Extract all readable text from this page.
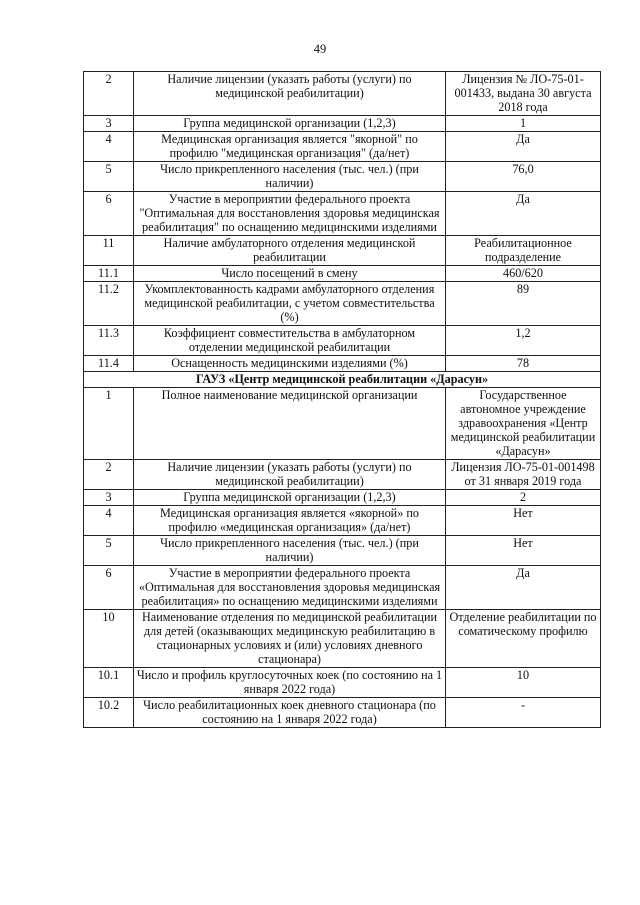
49
2	Наличие лицензии (указать работы (услуги) по медицинской реабилитации)	Лицензия № ЛО-75-01-001433, выдана 30 августа 2018 года
3	Группа медицинской организации (1,2,3)	1
4	Медицинская организация является "якорной" по профилю "медицинская организация" (да/нет)	Да
5	Число прикрепленного населения (тыс. чел.) (при наличии)	76,0
6	Участие в мероприятии федерального проекта "Оптимальная для восстановления здоровья медицинская реабилитация" по оснащению медицинскими изделиями	Да
11	Наличие амбулаторного отделения медицинской реабилитации	Реабилитационное подразделение
11.1	Число посещений в смену	460/620
11.2	Укомплектованность кадрами амбулаторного отделения медицинской реабилитации, с учетом совместительства (%)	89
11.3	Коэффициент совместительства в амбулаторном отделении медицинской реабилитации	1,2
11.4	Оснащенность медицинскими изделиями (%)	78
ГАУЗ «Центр медицинской реабилитации «Дарасун»		
1	Полное наименование медицинской организации	Государственное автономное учреждение здравоохранения «Центр медицинской реабилитации «Дарасун»
2	Наличие лицензии (указать работы (услуги) по медицинской реабилитации)	Лицензия ЛО-75-01-001498 от 31 января 2019 года
3	Группа медицинской организации (1,2,3)	2
4	Медицинская организация является «якорной» по профилю «медицинская организация» (да/нет)	Нет
5	Число прикрепленного населения (тыс. чел.) (при наличии)	Нет
6	Участие в мероприятии федерального проекта «Оптимальная для восстановления здоровья медицинская реабилитация» по оснащению медицинскими изделиями	Да
10	Наименование отделения по медицинской реабилитации для детей (оказывающих медицинскую реабилитацию в стационарных условиях и (или) условиях дневного стационара)	Отделение реабилитации по соматическому профилю
10.1	Число и профиль круглосуточных коек (по состоянию на 1 января 2022 года)	10
10.2	Число реабилитационных коек дневного стационара (по состоянию на 1 января 2022 года)	-
